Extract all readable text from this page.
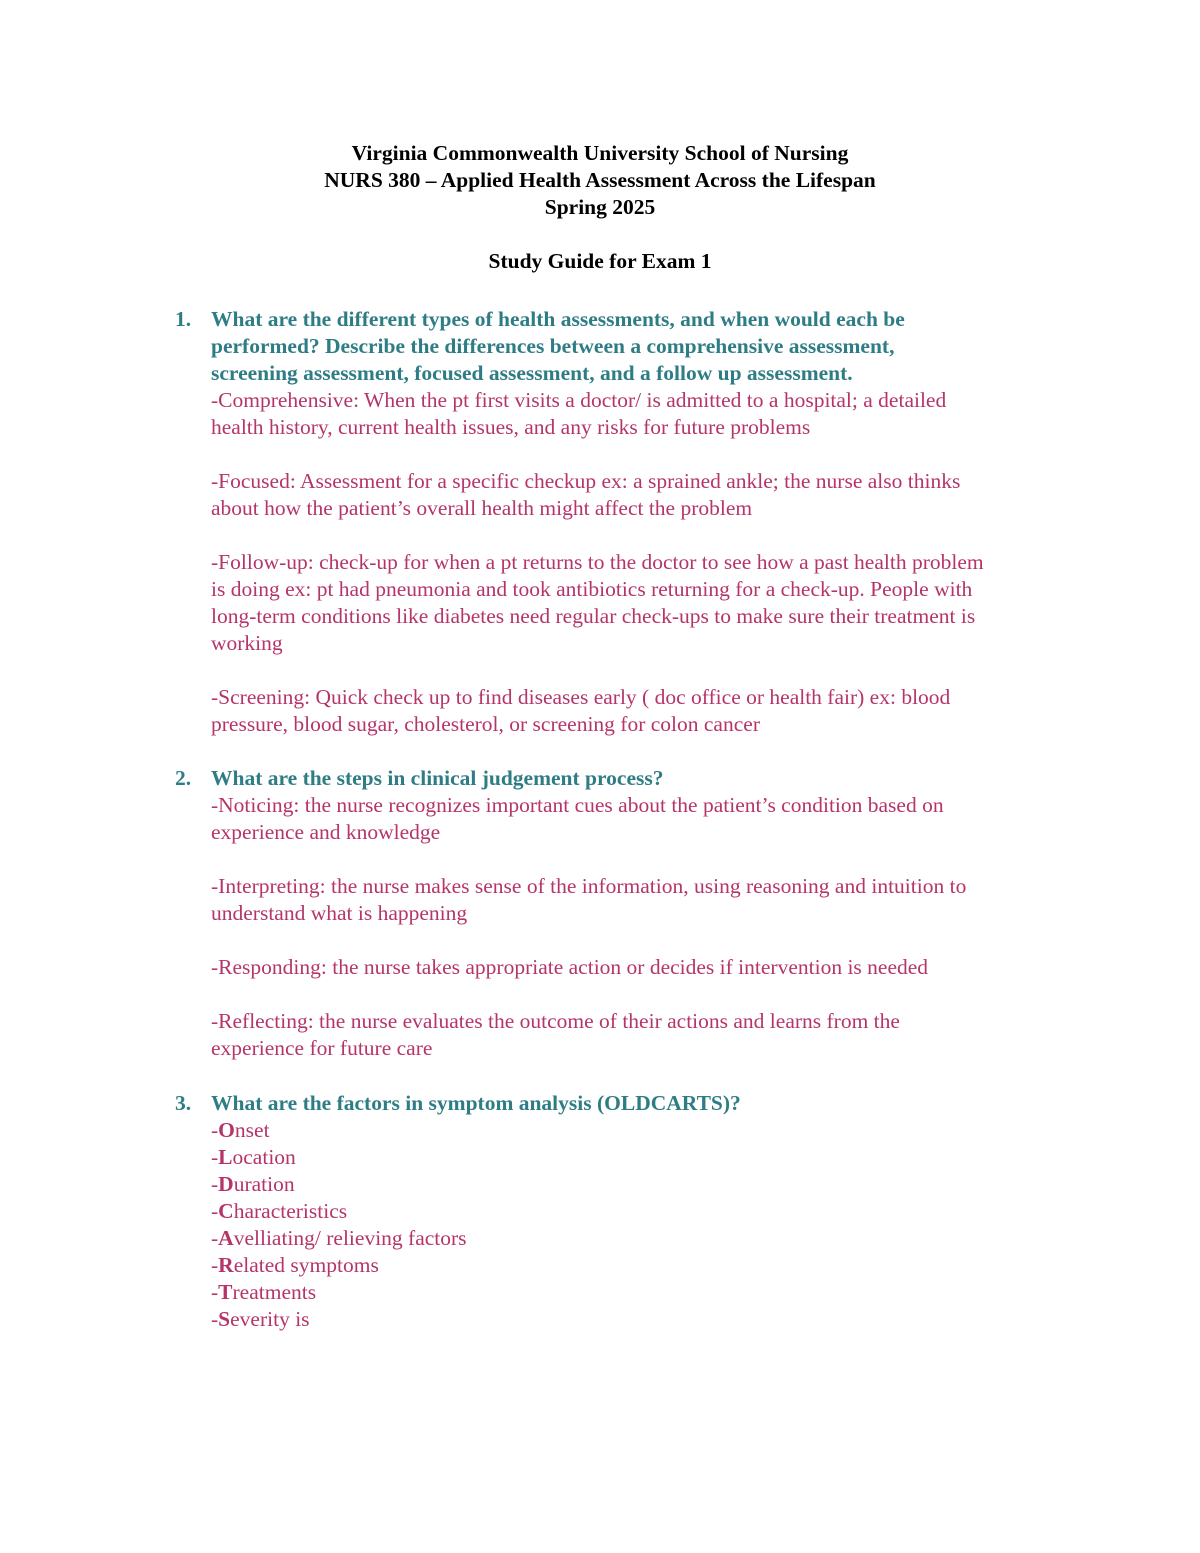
Virginia Commonwealth University School of Nursing
NURS 380 – Applied Health Assessment Across the Lifespan
Spring 2025
Study Guide for Exam 1
1. What are the different types of health assessments, and when would each be
performed? Describe the differences between a comprehensive assessment,
screening assessment, focused assessment, and a follow up assessment.
-Comprehensive: When the pt first visits a doctor/ is admitted to a hospital; a detailed
health history, current health issues, and any risks for future problems
-Focused: Assessment for a specific checkup ex: a sprained ankle; the nurse also thinks
about how the patient’s overall health might affect the problem
-Follow-up: check-up for when a pt returns to the doctor to see how a past health problem
is doing ex: pt had pneumonia and took antibiotics returning for a check-up. People with
long-term conditions like diabetes need regular check-ups to make sure their treatment is
working
-Screening: Quick check up to find diseases early ( doc office or health fair) ex: blood
pressure, blood sugar, cholesterol, or screening for colon cancer
2. What are the steps in clinical judgement process?
-Noticing: the nurse recognizes important cues about the patient’s condition based on
experience and knowledge
-Interpreting: the nurse makes sense of the information, using reasoning and intuition to
understand what is happening
-Responding: the nurse takes appropriate action or decides if intervention is needed
-Reflecting: the nurse evaluates the outcome of their actions and learns from the
experience for future care
3. What are the factors in symptom analysis (OLDCARTS)?
-Onset
-Location
-Duration
-Characteristics
-Avelliating/ relieving factors
-Related symptoms
-Treatments
-Severity is
